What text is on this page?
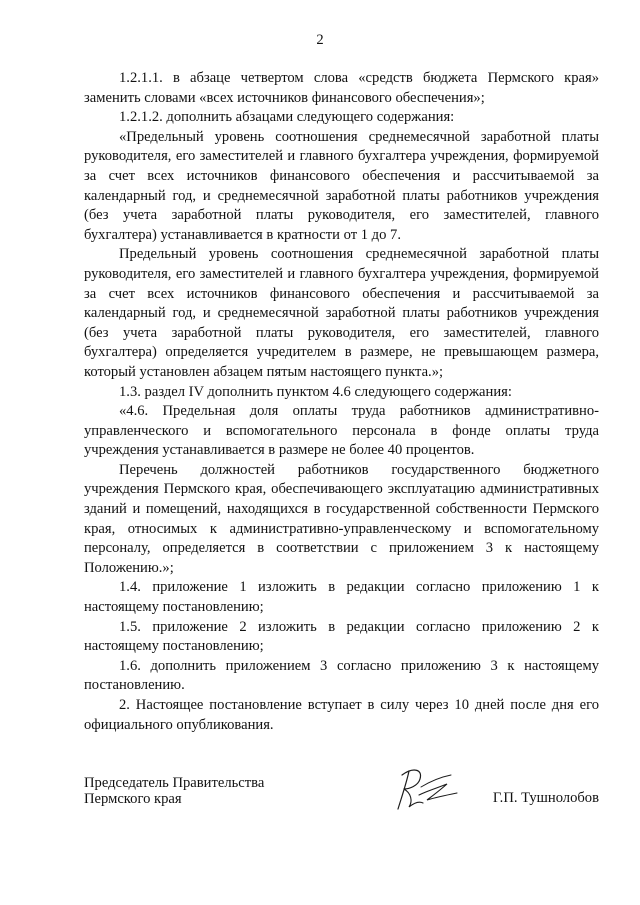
2

1.2.1.1. в абзаце четвертом слова «средств бюджета Пермского края» заменить словами «всех источников финансового обеспечения»;

1.2.1.2. дополнить абзацами следующего содержания:

«Предельный уровень соотношения среднемесячной заработной платы руководителя, его заместителей и главного бухгалтера учреждения, формируемой за счет всех источников финансового обеспечения и рассчитываемой за календарный год, и среднемесячной заработной платы работников учреждения (без учета заработной платы руководителя, его заместителей, главного бухгалтера) устанавливается в кратности от 1 до 7.

Предельный уровень соотношения среднемесячной заработной платы руководителя, его заместителей и главного бухгалтера учреждения, формируемой за счет всех источников финансового обеспечения и рассчитываемой за календарный год, и среднемесячной заработной платы работников учреждения (без учета заработной платы руководителя, его заместителей, главного бухгалтера) определяется учредителем в размере, не превышающем размера, который установлен абзацем пятым настоящего пункта.»;

1.3. раздел IV дополнить пунктом 4.6 следующего содержания:

«4.6. Предельная доля оплаты труда работников административно-управленческого и вспомогательного персонала в фонде оплаты труда учреждения устанавливается в размере не более 40 процентов.

Перечень должностей работников государственного бюджетного учреждения Пермского края, обеспечивающего эксплуатацию административных зданий и помещений, находящихся в государственной собственности Пермского края, относимых к административно-управленческому и вспомогательному персоналу, определяется в соответствии с приложением 3 к настоящему Положению.»;

1.4. приложение 1 изложить в редакции согласно приложению 1 к настоящему постановлению;

1.5. приложение 2 изложить в редакции согласно приложению 2 к настоящему постановлению;

1.6. дополнить приложением 3 согласно приложению 3 к настоящему постановлению.

2. Настоящее постановление вступает в силу через 10 дней после дня его официального опубликования.

Председатель Правительства
Пермского края	Г.П. Тушнолобов
